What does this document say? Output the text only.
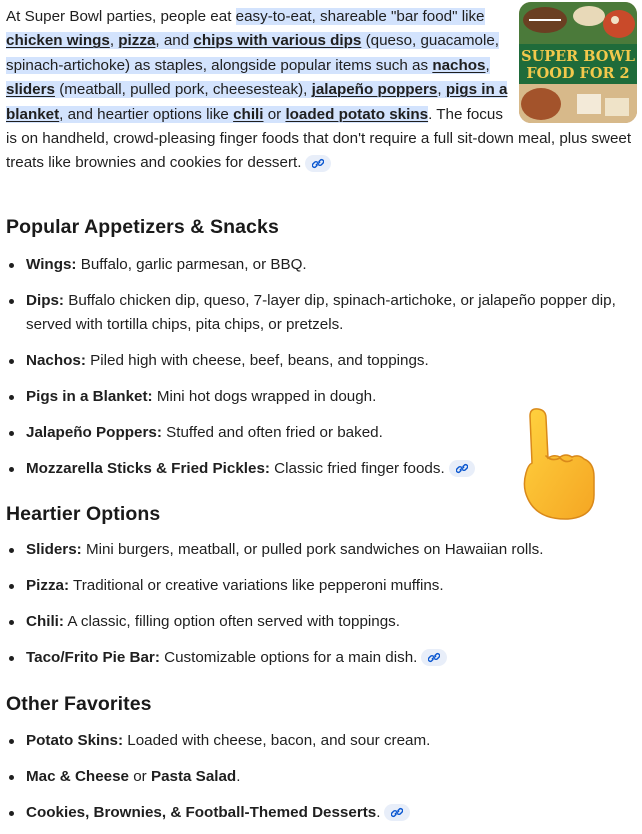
SUPER BOWL
FOOD FOR 2
At Super Bowl parties, people eat easy-to-eat, shareable "bar food" like chicken wings, pizza, and chips with various dips (queso, guacamole, spinach-artichoke) as staples, alongside popular items such as nachos, sliders (meatball, pulled pork, cheesesteak), jalapeño poppers, pigs in a blanket, and heartier options like chili or loaded potato skins. The focus is on handheld, crowd-pleasing finger foods that don't require a full sit-down meal, plus sweet treats like brownies and cookies for dessert.

Popular Appetizers & Snacks
Wings: Buffalo, garlic parmesan, or BBQ.
Dips: Buffalo chicken dip, queso, 7-layer dip, spinach-artichoke, or jalapeño popper dip, served with tortilla chips, pita chips, or pretzels.
Nachos: Piled high with cheese, beef, beans, and toppings.
Pigs in a Blanket: Mini hot dogs wrapped in dough.
Jalapeño Poppers: Stuffed and often fried or baked.
Mozzarella Sticks & Fried Pickles: Classic fried finger foods.
Heartier Options
Sliders: Mini burgers, meatball, or pulled pork sandwiches on Hawaiian rolls.
Pizza: Traditional or creative variations like pepperoni muffins.
Chili: A classic, filling option often served with toppings.
Taco/Frito Pie Bar: Customizable options for a main dish.
Other Favorites
Potato Skins: Loaded with cheese, bacon, and sour cream.
Mac & Cheese or Pasta Salad.
Cookies, Brownies, & Football-Themed Desserts.
